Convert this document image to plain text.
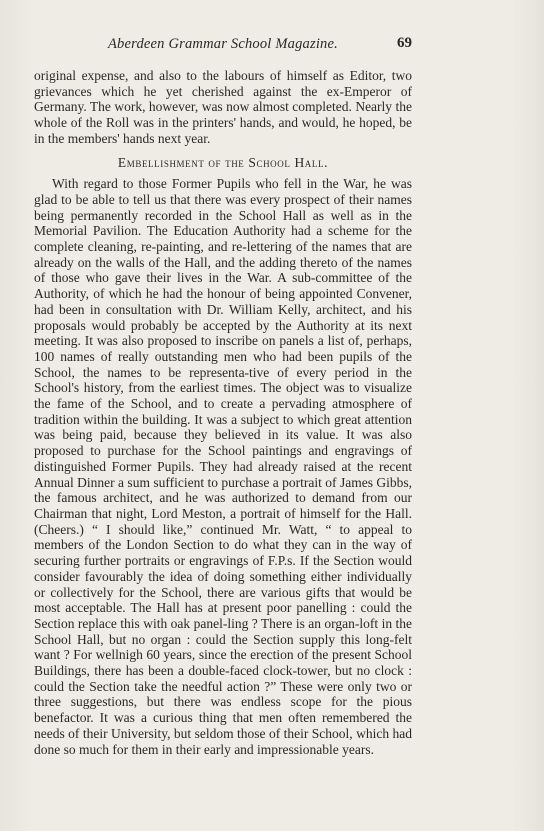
Aberdeen Grammar School Magazine.	69

original expense, and also to the labours of himself as Editor, two grievances which he yet cherished against the ex-Emperor of Germany. The work, however, was now almost completed. Nearly the whole of the Roll was in the printers' hands, and would, he hoped, be in the members' hands next year.

Embellishment of the School Hall.

With regard to those Former Pupils who fell in the War, he was glad to be able to tell us that there was every prospect of their names being permanently recorded in the School Hall as well as in the Memorial Pavilion. The Education Authority had a scheme for the complete cleaning, re-painting, and re-lettering of the names that are already on the walls of the Hall, and the adding thereto of the names of those who gave their lives in the War. A sub-committee of the Authority, of which he had the honour of being appointed Convener, had been in consultation with Dr. William Kelly, architect, and his proposals would probably be accepted by the Authority at its next meeting. It was also proposed to inscribe on panels a list of, perhaps, 100 names of really outstanding men who had been pupils of the School, the names to be representa-tive of every period in the School's history, from the earliest times. The object was to visualize the fame of the School, and to create a pervading atmosphere of tradition within the building. It was a subject to which great attention was being paid, because they believed in its value. It was also proposed to purchase for the School paintings and engravings of distinguished Former Pupils. They had already raised at the recent Annual Dinner a sum sufficient to purchase a portrait of James Gibbs, the famous architect, and he was authorized to demand from our Chairman that night, Lord Meston, a portrait of himself for the Hall. (Cheers.) “ I should like,” continued Mr. Watt, “ to appeal to members of the London Section to do what they can in the way of securing further portraits or engravings of F.P.s. If the Section would consider favourably the idea of doing something either individually or collectively for the School, there are various gifts that would be most acceptable. The Hall has at present poor panelling : could the Section replace this with oak panel-ling ? There is an organ-loft in the School Hall, but no organ : could the Section supply this long-felt want ? For wellnigh 60 years, since the erection of the present School Buildings, there has been a double-faced clock-tower, but no clock : could the Section take the needful action ?” These were only two or three suggestions, but there was endless scope for the pious benefactor. It was a curious thing that men often remembered the needs of their University, but seldom those of their School, which had done so much for them in their early and impressionable years.
